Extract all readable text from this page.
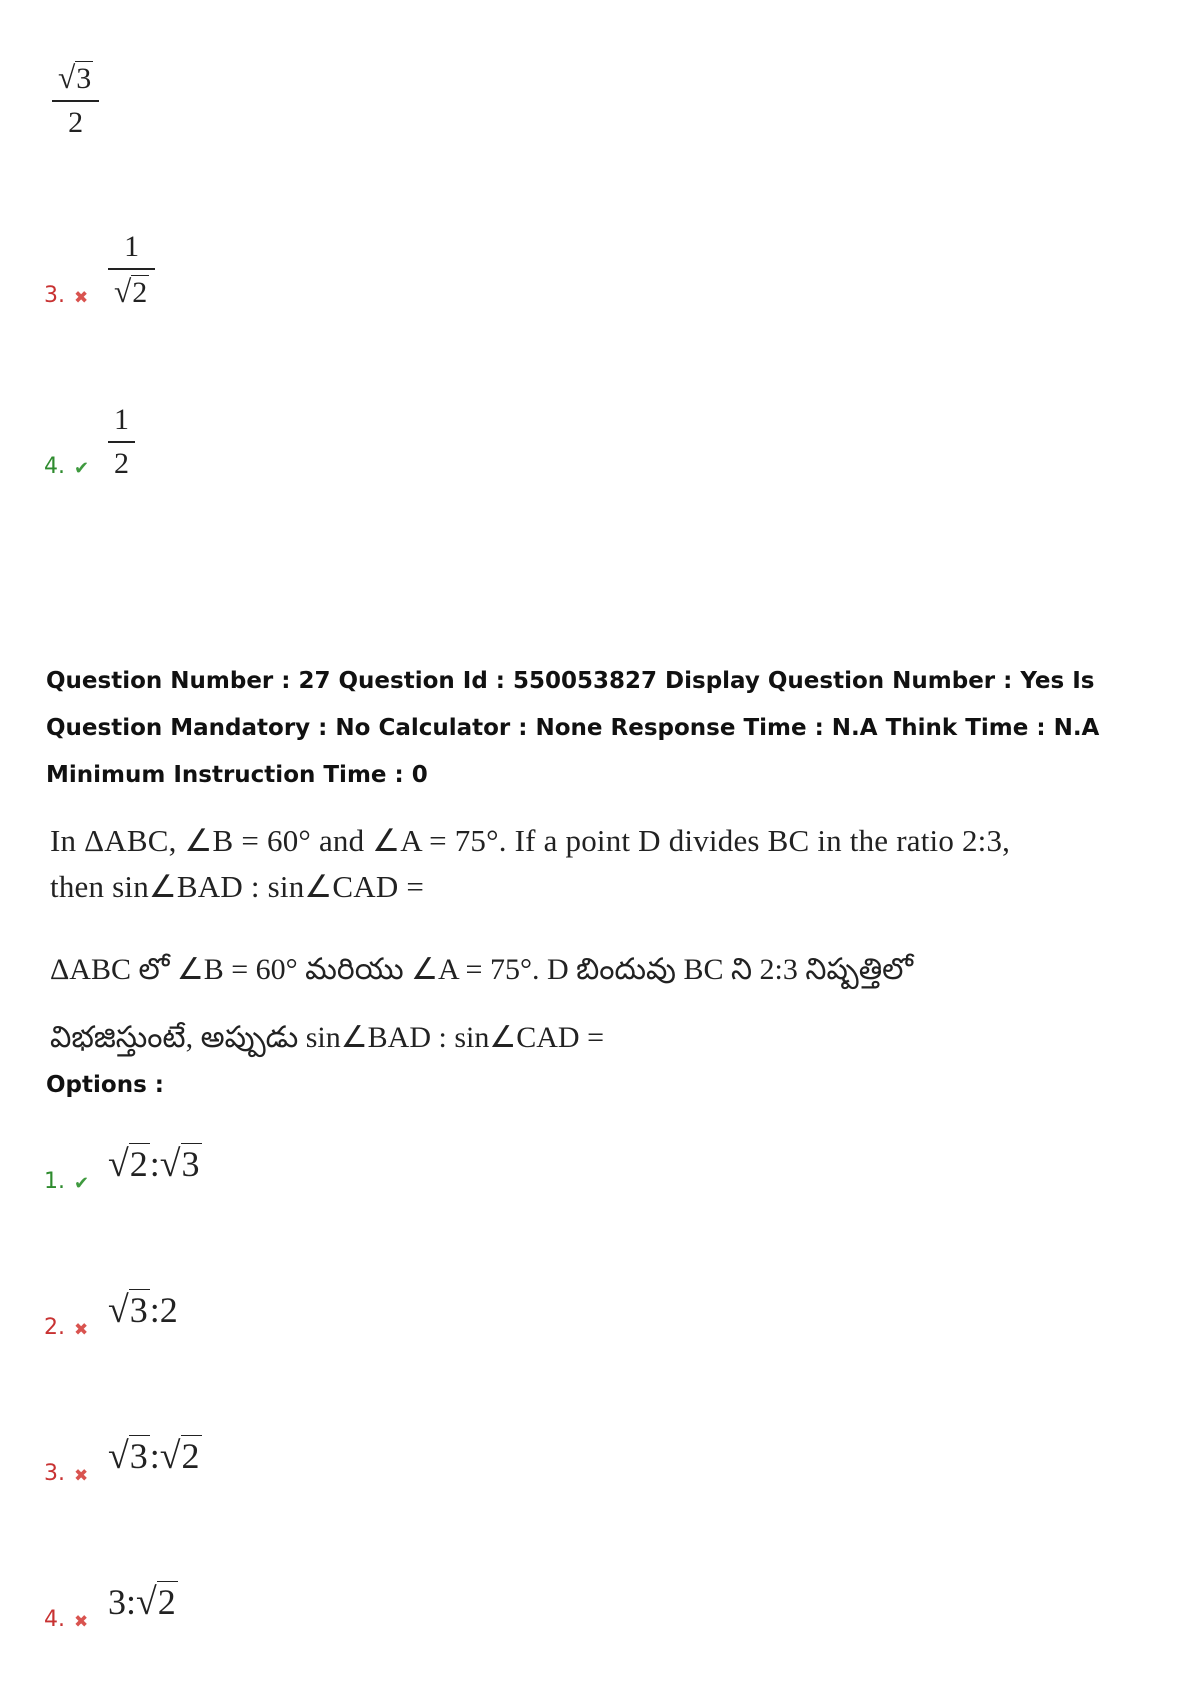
√3
2
3. ✖ $\frac{1}{√2}$
4. ✔ $\frac{1}{2}$
Question Number : 27 Question Id : 550053827 Display Question Number : Yes Is Question Mandatory : No Calculator : None Response Time : N.A Think Time : N.A Minimum Instruction Time : 0
In ΔABC, ∠B = 60° and ∠A = 75°. If a point D divides BC in the ratio 2:3,
then sin∠BAD : sin∠CAD =
ΔABC లో ∠B = 60° మరియు ∠A = 75°. D బిందువు BC ని 2:3 నిష్పత్తిలో
విభజిస్తుంటే, అప్పుడు sin∠BAD : sin∠CAD =
Options :
1. ✔ √2:√3
2. ✖ √3:2
3. ✖ √3:√2
4. ✖ 3:√2
